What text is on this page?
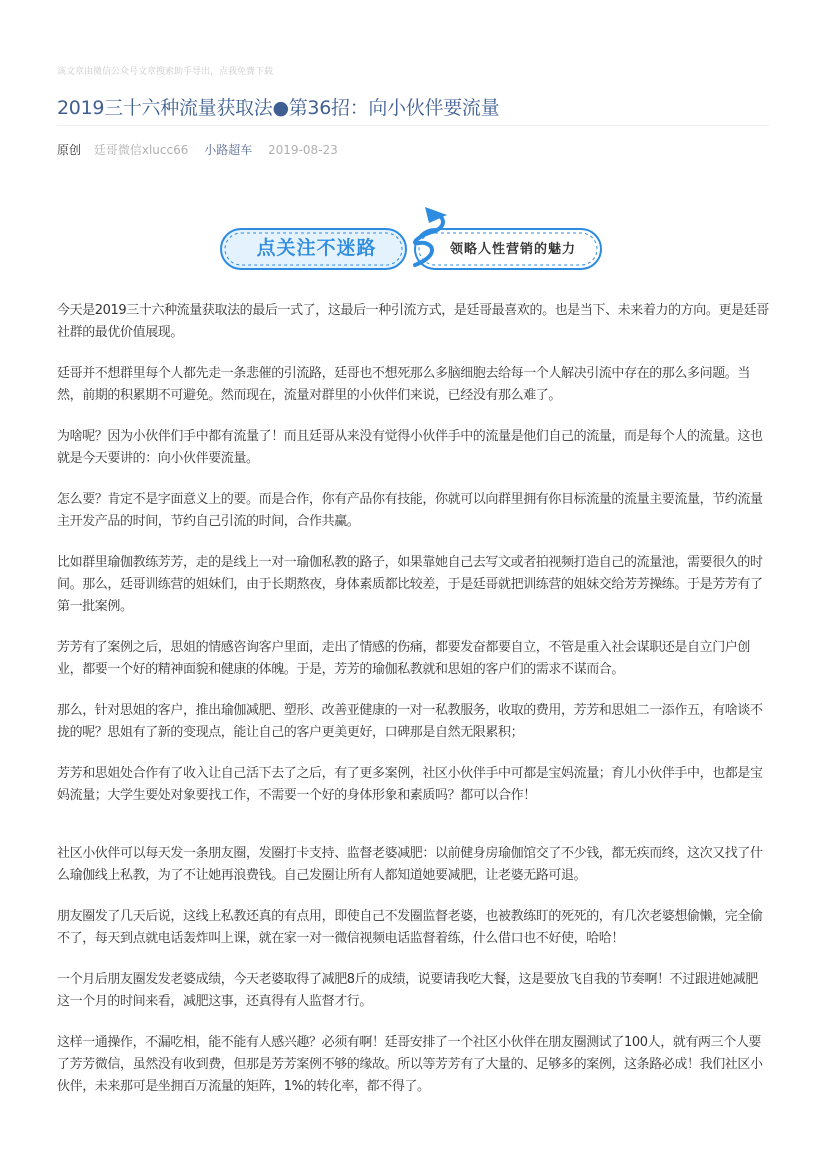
该文章由微信公众号文章搜索助手导出，点我免费下载
2019三十六种流量获取法●第36招：向小伙伴要流量
原创 廷哥微信xlucc66 小路超车 2019-08-23
点关注不迷路	领略人性营销的魅力

今天是2019三十六种流量获取法的最后一式了，这最后一种引流方式，是廷哥最喜欢的。也是当下、未来着力的方向。更是廷哥社群的最优价值展现。

廷哥并不想群里每个人都先走一条悲催的引流路，廷哥也不想死那么多脑细胞去给每一个人解决引流中存在的那么多问题。当然，前期的积累期不可避免。然而现在，流量对群里的小伙伴们来说，已经没有那么难了。

为啥呢？因为小伙伴们手中都有流量了！而且廷哥从来没有觉得小伙伴手中的流量是他们自己的流量，而是每个人的流量。这也就是今天要讲的：向小伙伴要流量。

怎么要？肯定不是字面意义上的要。而是合作，你有产品你有技能，你就可以向群里拥有你目标流量的流量主要流量，节约流量主开发产品的时间，节约自己引流的时间，合作共赢。

比如群里瑜伽教练芳芳，走的是线上一对一瑜伽私教的路子，如果靠她自己去写文或者拍视频打造自己的流量池，需要很久的时间。那么，廷哥训练营的姐妹们，由于长期熬夜，身体素质都比较差，于是廷哥就把训练营的姐妹交给芳芳操练。于是芳芳有了第一批案例。

芳芳有了案例之后，思姐的情感咨询客户里面，走出了情感的伤痛，都要发奋都要自立，不管是重入社会谋职还是自立门户创业，都要一个好的精神面貌和健康的体魄。于是，芳芳的瑜伽私教就和思姐的客户们的需求不谋而合。

那么，针对思姐的客户，推出瑜伽减肥、塑形、改善亚健康的一对一私教服务，收取的费用，芳芳和思姐二一添作五，有啥谈不拢的呢？思姐有了新的变现点，能让自己的客户更美更好，口碑那是自然无限累积；

芳芳和思姐处合作有了收入让自己活下去了之后，有了更多案例，社区小伙伴手中可都是宝妈流量；育儿小伙伴手中，也都是宝妈流量；大学生要处对象要找工作，不需要一个好的身体形象和素质吗？都可以合作！

社区小伙伴可以每天发一条朋友圈，发圈打卡支持、监督老婆减肥：以前健身房瑜伽馆交了不少钱，都无疾而终，这次又找了什么瑜伽线上私教，为了不让她再浪费钱。自己发圈让所有人都知道她要减肥，让老婆无路可退。

朋友圈发了几天后说，这线上私教还真的有点用，即使自己不发圈监督老婆，也被教练盯的死死的，有几次老婆想偷懒，完全偷不了，每天到点就电话轰炸叫上课，就在家一对一微信视频电话监督着练，什么借口也不好使，哈哈！

一个月后朋友圈发发老婆成绩，今天老婆取得了减肥8斤的成绩，说要请我吃大餐，这是要放飞自我的节奏啊！不过跟进她减肥这一个月的时间来看，减肥这事，还真得有人监督才行。

这样一通操作，不漏吃相，能不能有人感兴趣？必须有啊！廷哥安排了一个社区小伙伴在朋友圈测试了100人，就有两三个人要了芳芳微信，虽然没有收到费，但那是芳芳案例不够的缘故。所以等芳芳有了大量的、足够多的案例，这条路必成！我们社区小伙伴，未来那可是坐拥百万流量的矩阵，1%的转化率，都不得了。
